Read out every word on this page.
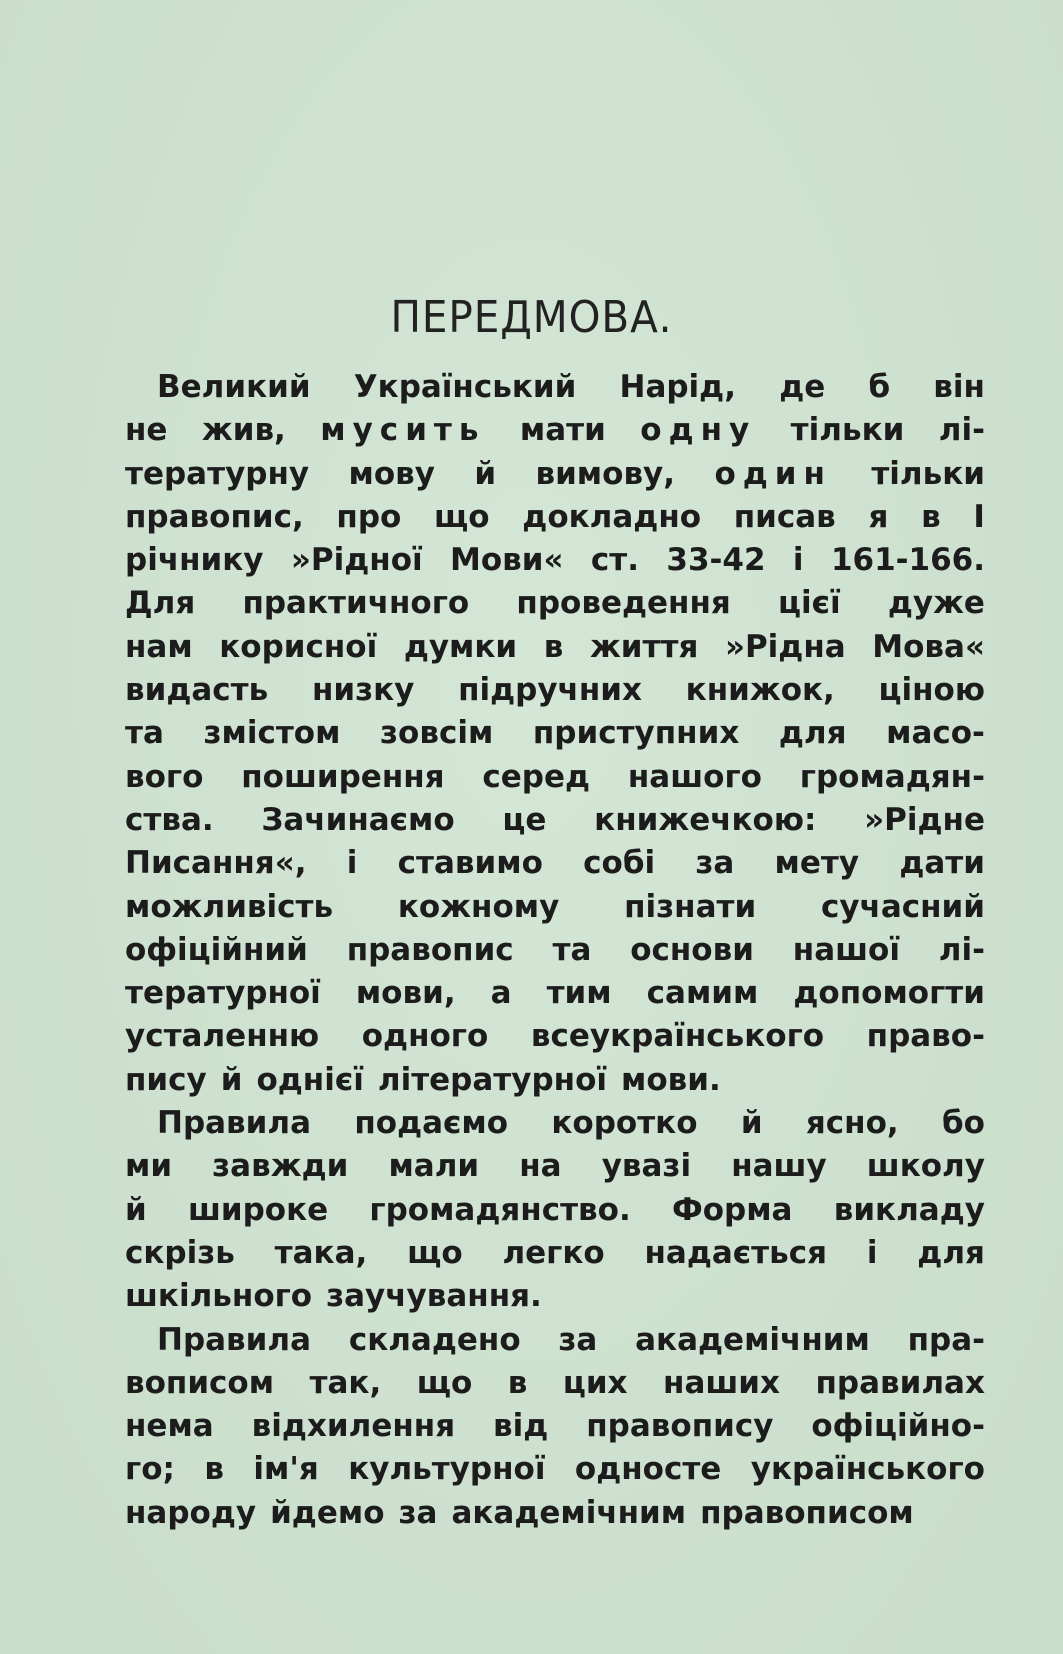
ПЕРЕДМОВА.
Великий Український Нарід, де б він
не жив, мусить мати одну тільки лі-
тературну мову й вимову, один тільки
правопис, про що докладно писав я в I
річнику »Рідної Мови« ст. 33-42 і 161-166.
Для практичного проведення цієї дуже
нам корисної думки в життя »Рідна Мова«
видасть низку підручних книжок, ціною
та змістом зовсім приступних для масо-
вого поширення серед нашого громадян-
ства. Зачинаємо це книжечкою: »Рідне
Писання«, і ставимо собі за мету дати
можливість кожному пізнати сучасний
офіційний правопис та основи нашої лі-
тературної мови, а тим самим допомогти
усталенню одного всеукраїнського право-
пису й однієї літературної мови.
Правила подаємо коротко й ясно, бо
ми завжди мали на увазі нашу школу
й широке громадянство. Форма викладу
скрізь така, що легко надається і для
шкільного заучування.
Правила складено за академічним пра-
вописом так, що в цих наших правилах
нема відхилення від правопису офіційно-
го; в ім'я культурної односте українського
народу йдемо за академічним правописом
